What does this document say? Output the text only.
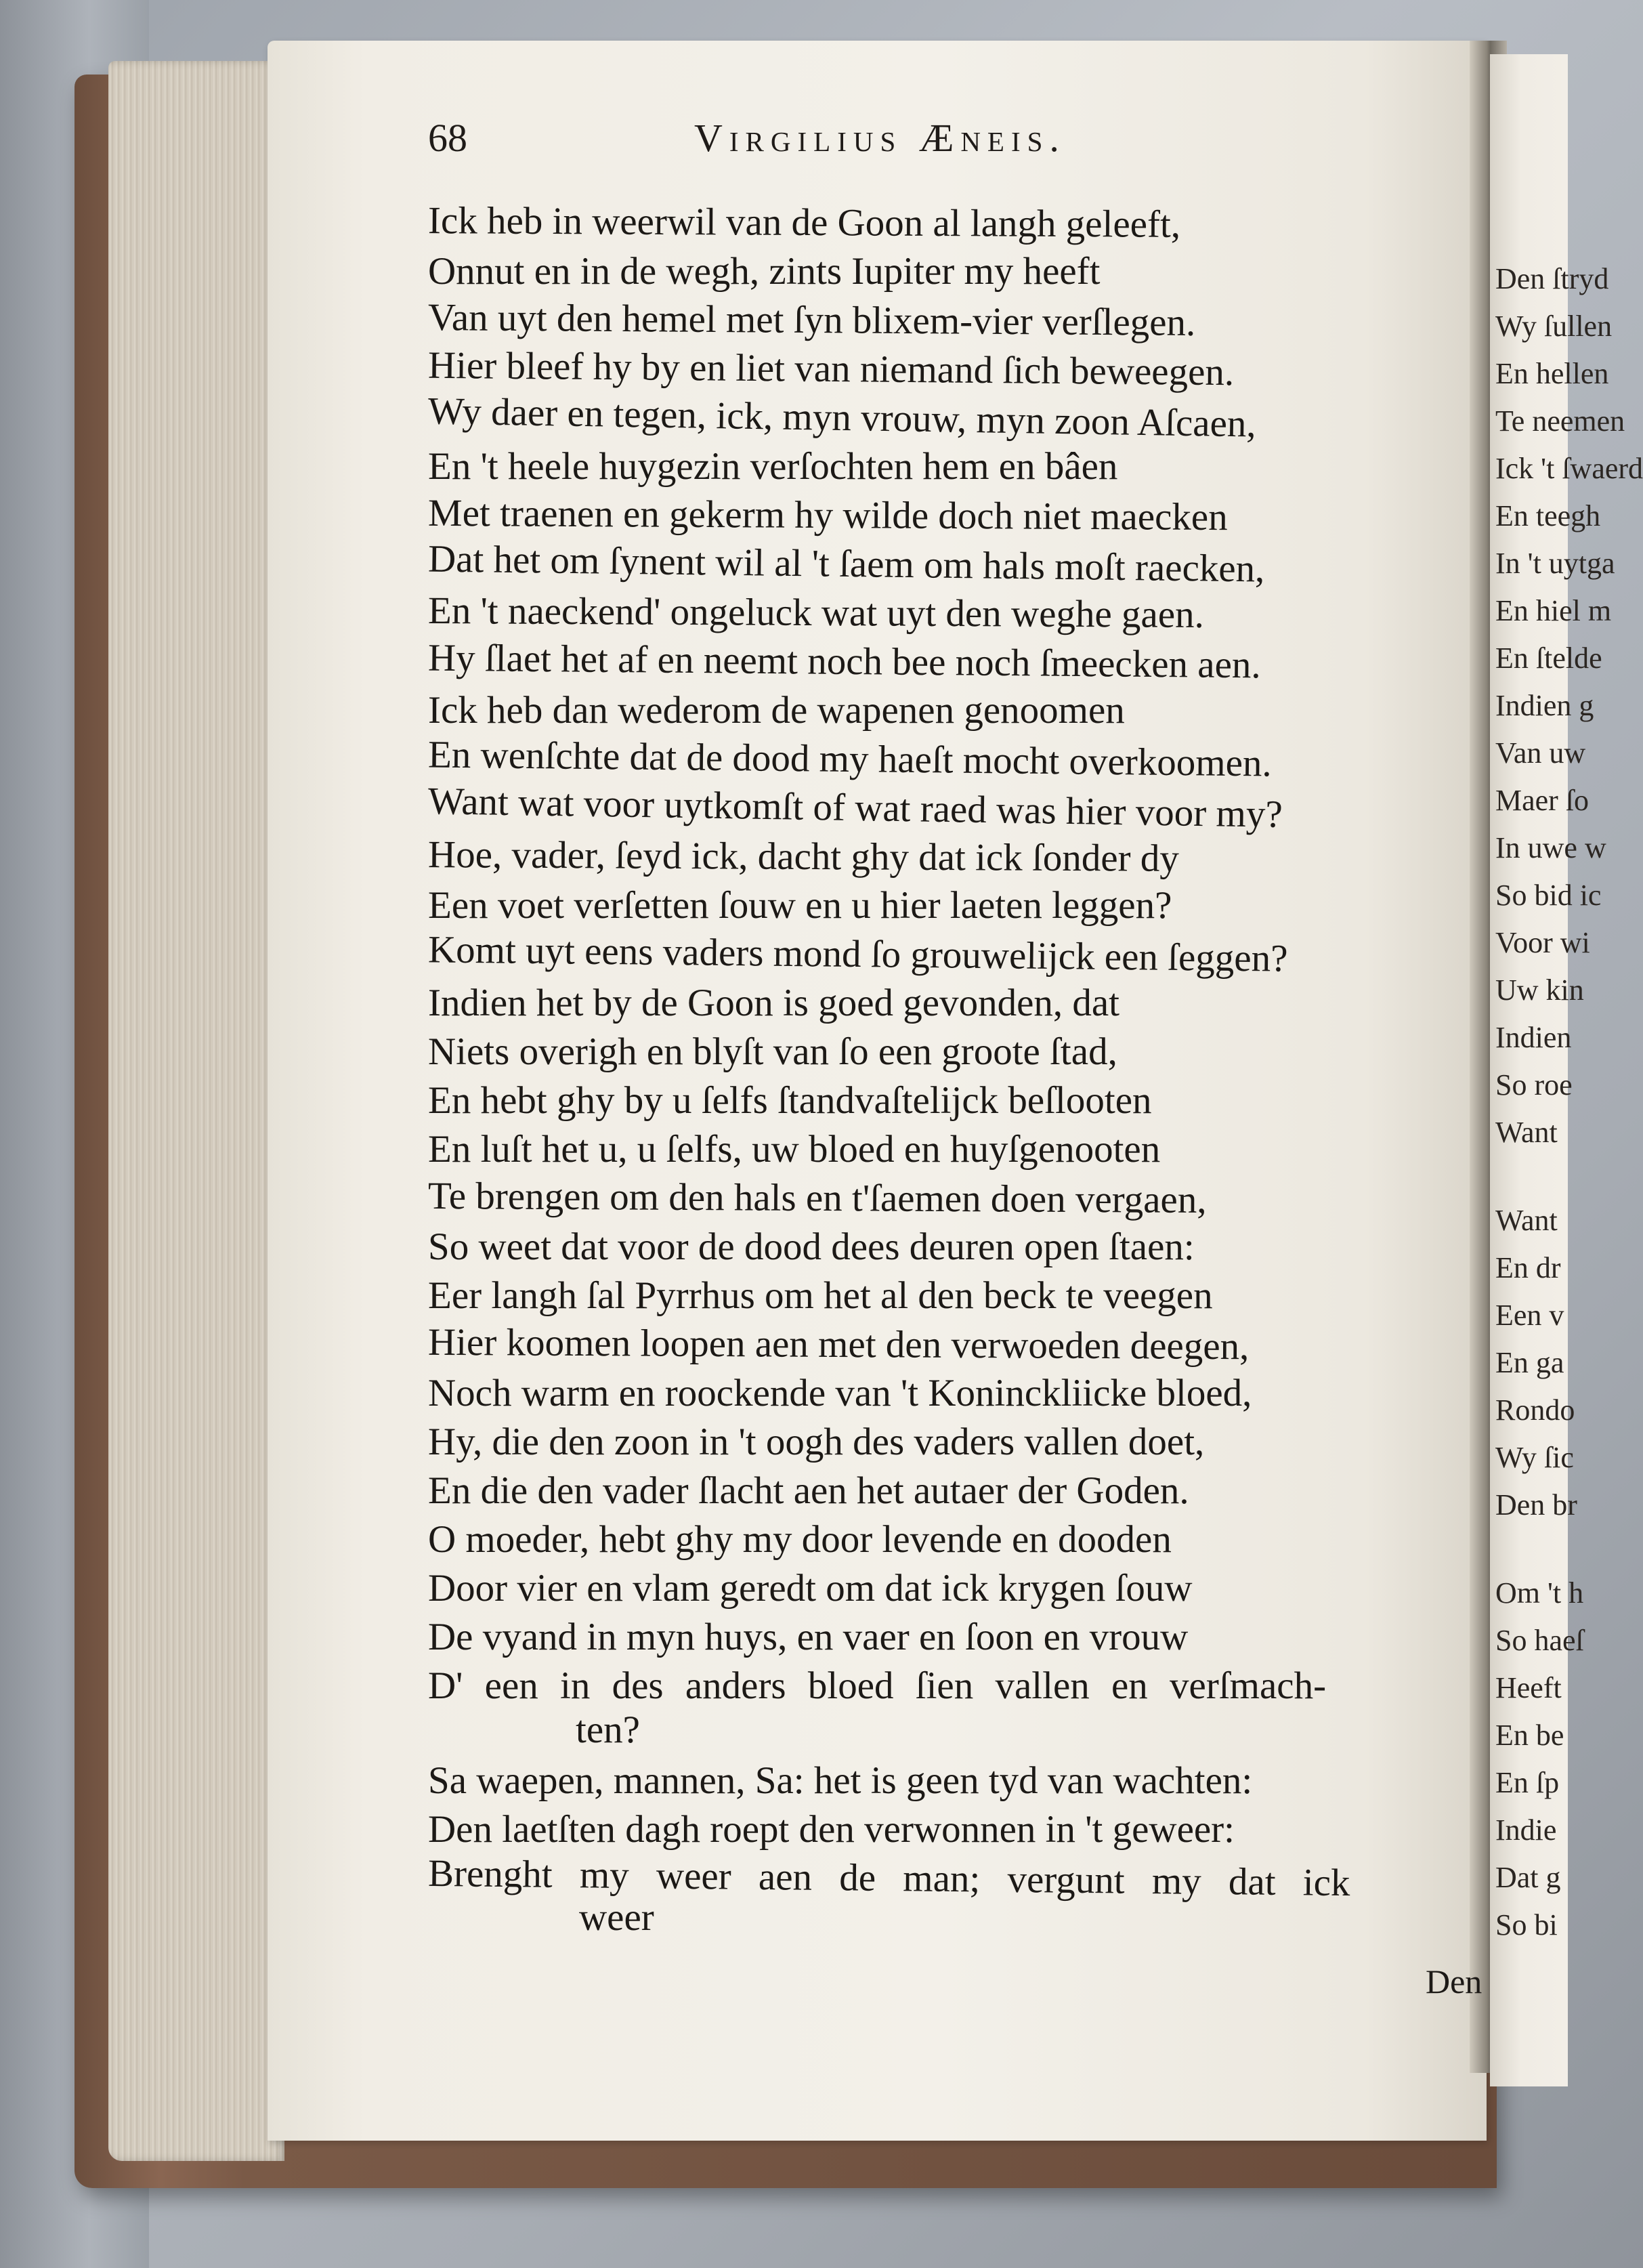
68	Virgilius Æneis.

Ick heb in weerwil van de Goon al langh geleeft,

Onnut en in de wegh, zints Iupiter my heeft

Van uyt den hemel met ſyn blixem-vier verſlegen.

Hier bleef hy by en liet van niemand ſich beweegen.

Wy daer en tegen, ick, myn vrouw, myn zoon Aſcaen,

En 't heele huygezin verſochten hem en bâen

Met traenen en gekerm hy wilde doch niet maecken

Dat het om ſynent wil al 't ſaem om hals moſt raecken,

En 't naeckend' ongeluck wat uyt den weghe gaen.

Hy ſlaet het af en neemt noch bee noch ſmeecken aen.

Ick heb dan wederom de wapenen genoomen

En wenſchte dat de dood my haeſt mocht overkoomen.

Want wat voor uytkomſt of wat raed was hier voor my?

Hoe, vader, ſeyd ick, dacht ghy dat ick ſonder dy

Een voet verſetten ſouw en u hier laeten leggen?

Komt uyt eens vaders mond ſo grouwelijck een ſeggen?

Indien het by de Goon is goed gevonden, dat

Niets overigh en blyſt van ſo een groote ſtad,

En hebt ghy by u ſelfs ſtandvaſtelijck beſlooten

En luſt het u, u ſelfs, uw bloed en huyſgenooten

Te brengen om den hals en t'ſaemen doen vergaen,

So weet dat voor de dood dees deuren open ſtaen:

Eer langh ſal Pyrrhus om het al den beck te veegen

Hier koomen loopen aen met den verwoeden deegen,

Noch warm en roockende van 't Koninckliicke bloed,

Hy, die den zoon in 't oogh des vaders vallen doet,

En die den vader ſlacht aen het autaer der Goden.

O moeder, hebt ghy my door levende en dooden

Door vier en vlam geredt om dat ick krygen ſouw

De vyand in myn huys, en vaer en ſoon en vrouw

D' een in des anders bloed ſien vallen en verſmach-

ten?

Sa waepen, mannen, Sa: het is geen tyd van wachten:

Den laetſten dagh roept den verwonnen in 't geweer:

Brenght my weer aen de man; vergunt my dat ick

weer

Den

Den ſtryd

Wy ſullen

En hellen

Te neemen

Ick 't ſwaerd

En teegh

In 't uytga

En hiel m

En ſtelde

Indien g

Van uw

Maer ſo

In uwe w

So bid ic

Voor wi

Uw kin

Indien

So roe

Want

Want

En dr

Een v

En ga

Rondo

Wy ſic

Den br

Om 't h

So haeſ

Heeft

En be

En ſp

Indie

Dat g

So bi
